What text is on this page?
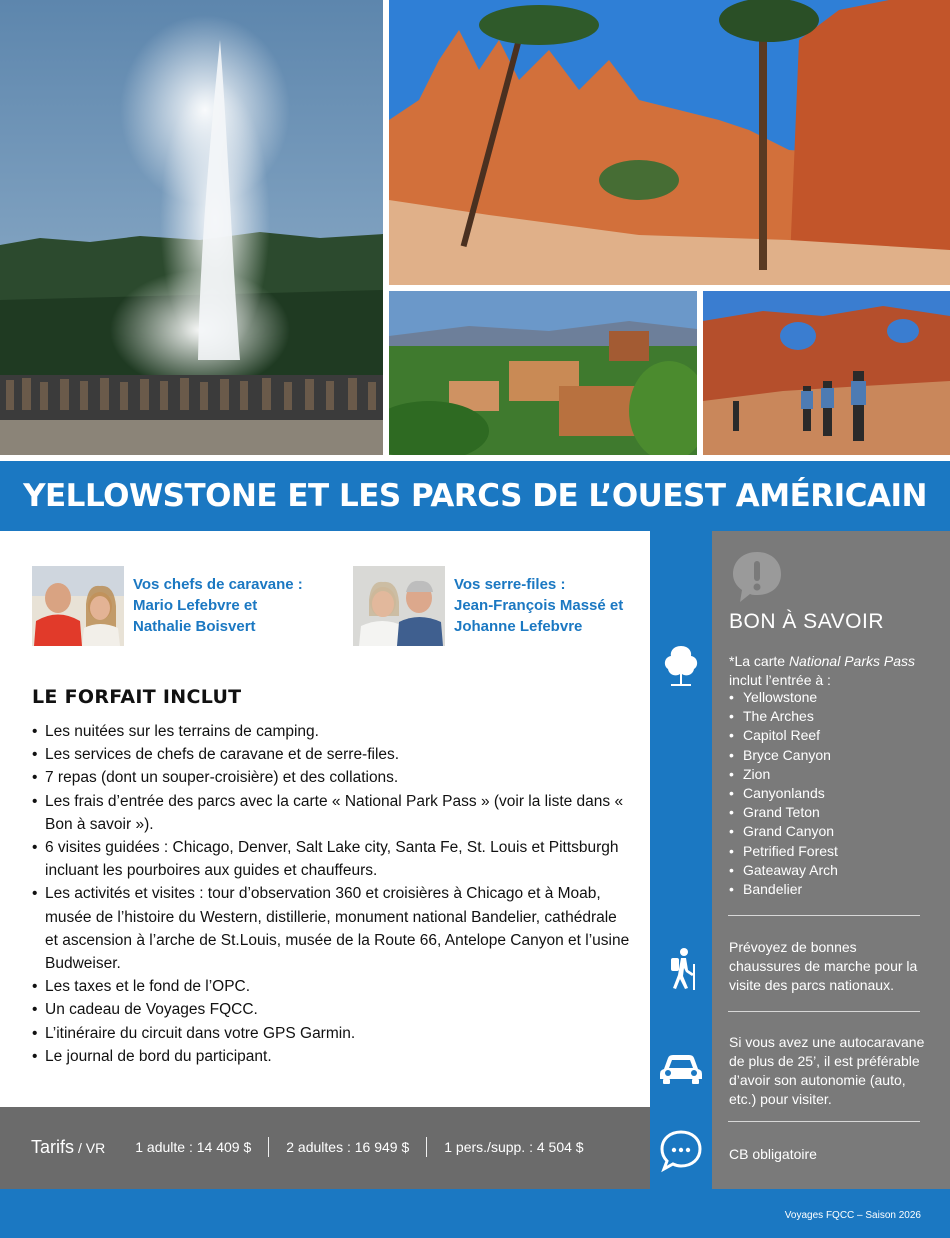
YELLOWSTONE ET LES PARCS DE L’OUEST AMÉRICAIN
Vos chefs de caravane :
Mario Lefebvre et
Nathalie Boisvert
Vos serre-files :
Jean-François Massé et
Johanne Lefebvre
LE FORFAIT INCLUT
• Les nuitées sur les terrains de camping.
• Les services de chefs de caravane et de serre-files.
• 7 repas (dont un souper-croisière) et des collations.
• Les frais d’entrée des parcs avec la carte « National Park Pass » (voir la liste dans « Bon à savoir »).
• 6 visites guidées : Chicago, Denver, Salt Lake city, Santa Fe, St. Louis et Pittsburgh incluant les pourboires aux guides et chauffeurs.
• Les activités et visites : tour d’observation 360 et croisières à Chicago et à Moab, musée de l’histoire du Western, distillerie, monument national Bandelier, cathédrale et ascension à l’arche de St.Louis, musée de la Route 66, Antelope Canyon et l’usine Budweiser.
• Les taxes et le fond de l’OPC.
• Un cadeau de Voyages FQCC.
• L’itinéraire du circuit dans votre GPS Garmin.
• Le journal de bord du participant.
Tarifs / VR 1 adulte : 14 409 $	2 adultes : 16 949 $	1 pers./supp. : 4 504 $
BON À SAVOIR
*La carte National Parks Pass inclut l’entrée à :
• Yellowstone
• The Arches
• Capitol Reef
• Bryce Canyon
• Zion
• Canyonlands
• Grand Teton
• Grand Canyon
• Petrified Forest
• Gateaway Arch
• Bandelier
Prévoyez de bonnes chaussures de marche pour la visite des parcs nationaux.
Si vous avez une autocaravane de plus de 25’, il est préférable d’avoir son autonomie (auto, etc.) pour visiter.
CB obligatoire
Voyages FQCC – Saison 2026
